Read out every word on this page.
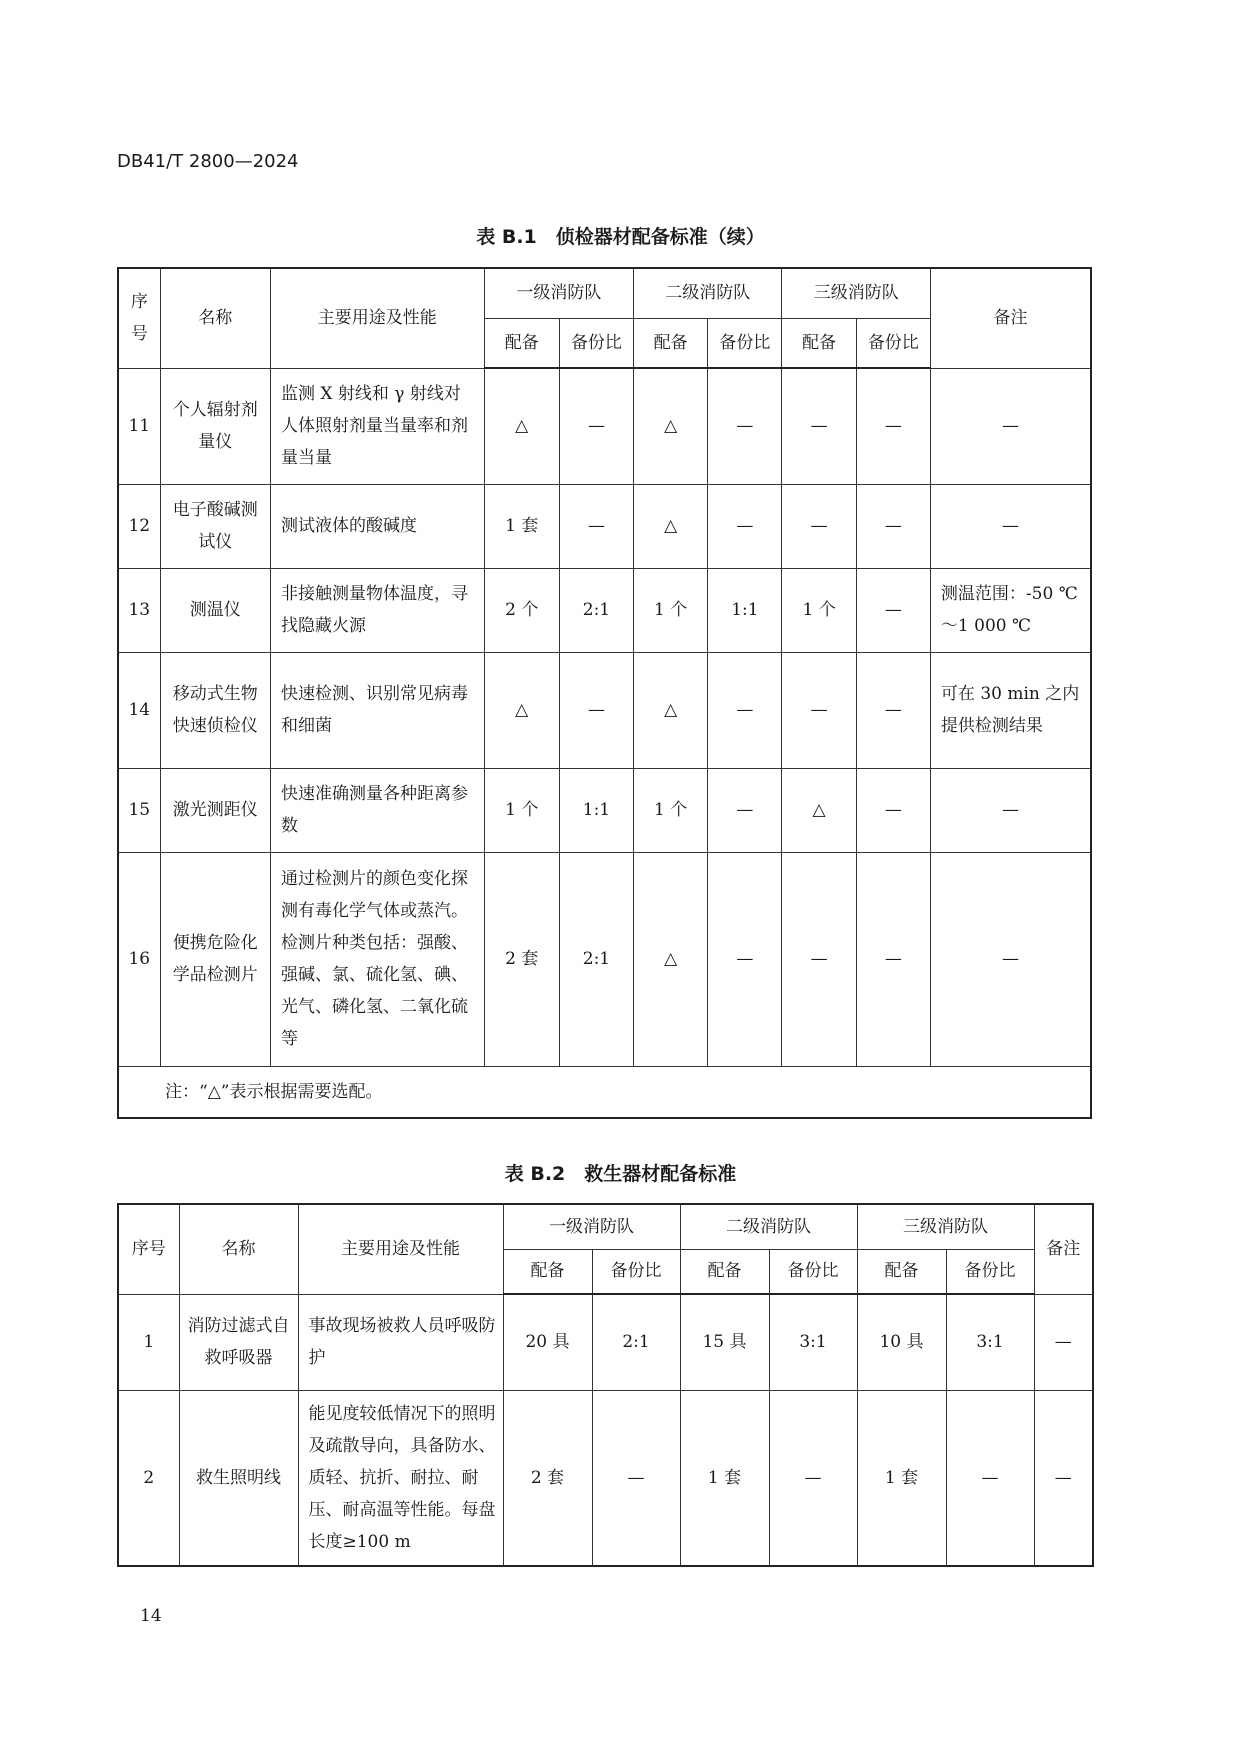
DB41/T 2800—2024
表 B.1　侦检器材配备标准（续）
序号	名称	主要用途及性能	一级消防队		二级消防队		三级消防队		备注
			配备	备份比	配备	备份比	配备	备份比	
11	个人辐射剂量仪	监测 X 射线和 γ 射线对人体照射剂量当量率和剂量当量	△	—	△	—	—	—	—
12	电子酸碱测试仪	测试液体的酸碱度	1 套	—	△	—	—	—	—
13	测温仪	非接触测量物体温度，寻找隐藏火源	2 个	2:1	1 个	1:1	1 个	—	测温范围：-50 ℃～1 000 ℃
14	移动式生物快速侦检仪	快速检测、识别常见病毒和细菌	△	—	△	—	—	—	可在 30 min 之内提供检测结果
15	激光测距仪	快速准确测量各种距离参数	1 个	1:1	1 个	—	△	—	—
16	便携危险化学品检测片	通过检测片的颜色变化探测有毒化学气体或蒸汽。检测片种类包括：强酸、强碱、氯、硫化氢、碘、光气、磷化氢、二氧化硫等	2 套	2:1	△	—	—	—	—
注：“△”表示根据需要选配。									
表 B.2　救生器材配备标准
序号	名称	主要用途及性能	一级消防队		二级消防队		三级消防队		备注
			配备	备份比	配备	备份比	配备	备份比	
1	消防过滤式自救呼吸器	事故现场被救人员呼吸防护	20 具	2:1	15 具	3:1	10 具	3:1	—
2	救生照明线	能见度较低情况下的照明及疏散导向，具备防水、质轻、抗折、耐拉、耐压、耐高温等性能。每盘长度≥100 m	2 套	—	1 套	—	1 套	—	—
14
